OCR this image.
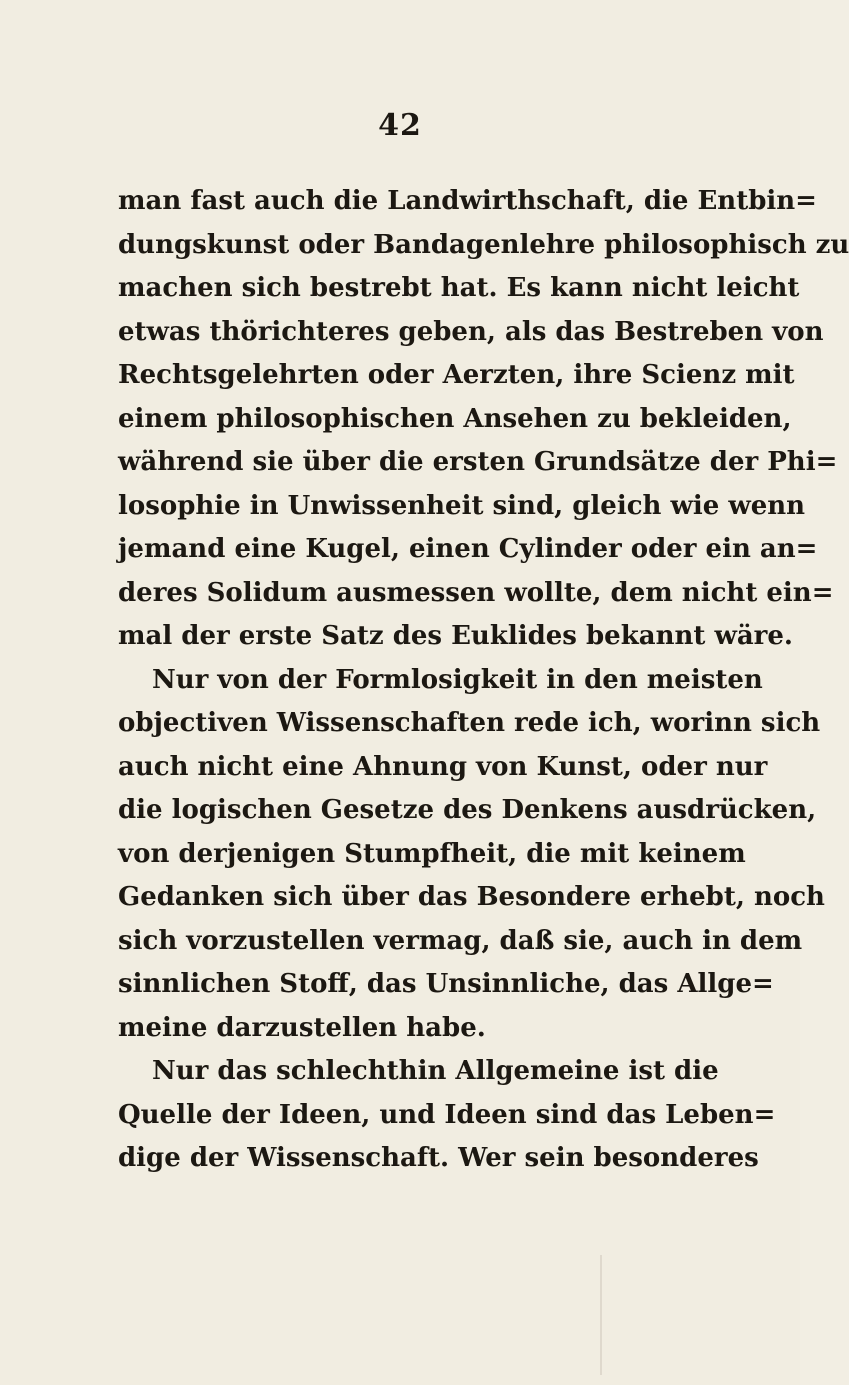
42
man fast auch die Landwirthschaft, die Entbin=
dungskunst oder Bandagenlehre philosophisch zu
machen sich bestrebt hat. Es kann nicht leicht
etwas thörichteres geben, als das Bestreben von
Rechtsgelehrten oder Aerzten, ihre Scienz mit
einem philosophischen Ansehen zu bekleiden,
während sie über die ersten Grundsätze der Phi=
losophie in Unwissenheit sind, gleich wie wenn
jemand eine Kugel, einen Cylinder oder ein an=
deres Solidum ausmessen wollte, dem nicht ein=
mal der erste Satz des Euklides bekannt wäre.
Nur von der Formlosigkeit in den meisten
objectiven Wissenschaften rede ich, worinn sich
auch nicht eine Ahnung von Kunst, oder nur
die logischen Gesetze des Denkens ausdrücken,
von derjenigen Stumpfheit, die mit keinem
Gedanken sich über das Besondere erhebt, noch
sich vorzustellen vermag, daß sie, auch in dem
sinnlichen Stoff, das Unsinnliche, das Allge=
meine darzustellen habe.
Nur das schlechthin Allgemeine ist die
Quelle der Ideen, und Ideen sind das Leben=
dige der Wissenschaft. Wer sein besonderes
